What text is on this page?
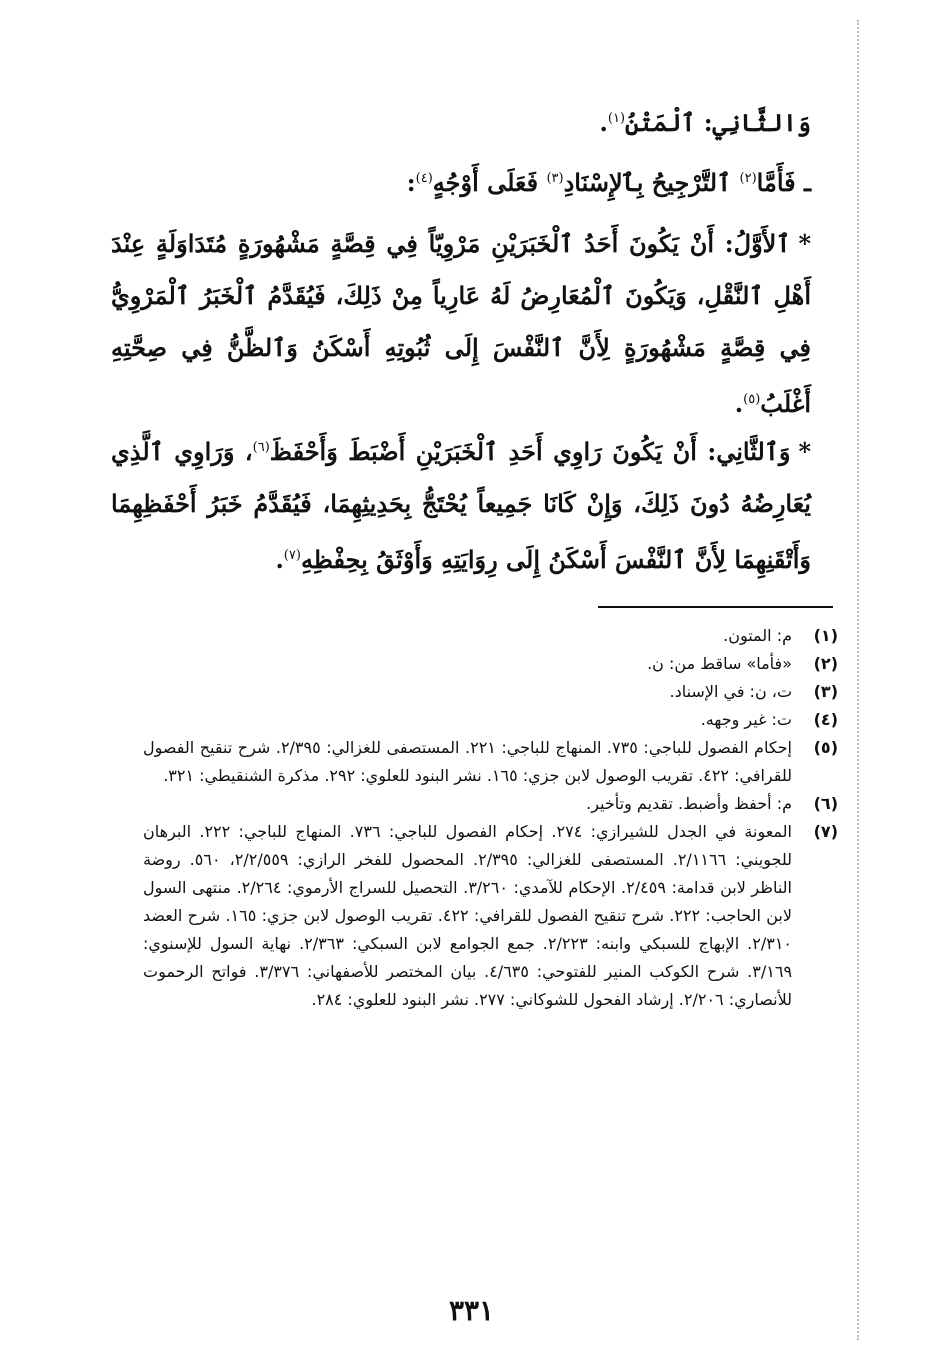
وَالثَّانِي: ٱلْمَتْنُ$^{(١)}$.
ـ فَأَمَّا$^{(٢)}$ ٱلتَّرْجِيحُ بِٱلإِسْنَادِ$^{(٣)}$ فَعَلَى أَوْجُهٍ$^{(٤)}$:
*ٱلأَوَّلُ: أَنْ يَكُونَ أَحَدُ ٱلْخَبَرَيْنِ مَرْوِيّاً فِي قِصَّةٍ مَشْهُورَةٍ مُتَدَاوَلَةٍ عِنْدَ أَهْلِ ٱلنَّقْلِ، وَيَكُونَ ٱلْمُعَارِضُ لَهُ عَارِياً مِنْ ذَلِكَ، فَيُقَدَّمُ ٱلْخَبَرُ ٱلْمَرْوِيُّ فِي قِصَّةٍ مَشْهُورَةٍ لِأَنَّ ٱلنَّفْسَ إِلَى ثُبُوتِهِ أَسْكَنُ وَٱلظَّنُّ فِي صِحَّتِهِ أَغْلَبُ$^{(٥)}$.
*وَٱلثَّانِي: أَنْ يَكُونَ رَاوِي أَحَدِ ٱلْخَبَرَيْنِ أَضْبَطَ وَأَحْفَظَ$^{(٦)}$، وَرَاوِي ٱلَّذِي يُعَارِضُهُ دُونَ ذَلِكَ، وَإِنْ كَانَا جَمِيعاً يُحْتَجُّ بِحَدِيثِهِمَا، فَيُقَدَّمُ خَبَرُ أَحْفَظِهِمَا وَأَتْقَنِهِمَا لِأَنَّ ٱلنَّفْسَ أَسْكَنُ إِلَى رِوَايَتِهِ وَأَوْثَقُ بِحِفْظِهِ$^{(٧)}$.
(١)
م: المتون.
(٢)
«فأما» ساقط من: ن.
(٣)
ت، ن: في الإسناد.
(٤)
ت: غير وجهه.
(٥)
إحكام الفصول للباجي: ٧٣٥. المنهاج للباجي: ٢٢١. المستصفى للغزالي: ٢/٣٩٥. شرح تنقيح الفصول للقرافي: ٤٢٢. تقريب الوصول لابن جزي: ١٦٥. نشر البنود للعلوي: ٢٩٢. مذكرة الشنقيطي: ٣٢١.
(٦)
م: أحفظ وأضبط. تقديم وتأخير.
(٧)
المعونة في الجدل للشيرازي: ٢٧٤. إحكام الفصول للباجي: ٧٣٦. المنهاج للباجي: ٢٢٢. البرهان للجويني: ٢/١١٦٦. المستصفى للغزالي: ٢/٣٩٥. المحصول للفخر الرازي: ٢/٢/٥٥٩، ٥٦٠. روضة الناظر لابن قدامة: ٢/٤٥٩. الإحكام للآمدي: ٣/٢٦٠. التحصيل للسراج الأرموي: ٢/٢٦٤. منتهى السول لابن الحاجب: ٢٢٢. شرح تنقيح الفصول للقرافي: ٤٢٢. تقريب الوصول لابن جزي: ١٦٥. شرح العضد ٢/٣١٠. الإبهاج للسبكي وابنه: ٢/٢٢٣. جمع الجوامع لابن السبكي: ٢/٣٦٣. نهاية السول للإسنوي: ٣/١٦٩. شرح الكوكب المنير للفتوحي: ٤/٦٣٥. بيان المختصر للأصفهاني: ٣/٣٧٦. فواتح الرحموت للأنصاري: ٢/٢٠٦. إرشاد الفحول للشوكاني: ٢٧٧. نشر البنود للعلوي: ٢٨٤.
٣٣١
